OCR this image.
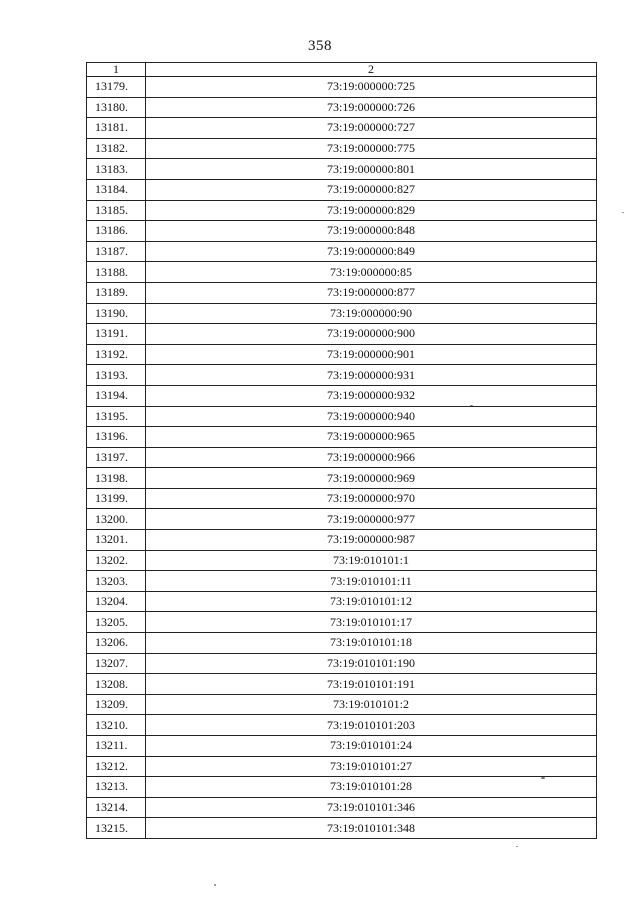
358
1	2
13179.	73:19:000000:725
13180.	73:19:000000:726
13181.	73:19:000000:727
13182.	73:19:000000:775
13183.	73:19:000000:801
13184.	73:19:000000:827
13185.	73:19:000000:829
13186.	73:19:000000:848
13187.	73:19:000000:849
13188.	73:19:000000:85
13189.	73:19:000000:877
13190.	73:19:000000:90
13191.	73:19:000000:900
13192.	73:19:000000:901
13193.	73:19:000000:931
13194.	73:19:000000:932
13195.	73:19:000000:940
13196.	73:19:000000:965
13197.	73:19:000000:966
13198.	73:19:000000:969
13199.	73:19:000000:970
13200.	73:19:000000:977
13201.	73:19:000000:987
13202.	73:19:010101:1
13203.	73:19:010101:11
13204.	73:19:010101:12
13205.	73:19:010101:17
13206.	73:19:010101:18
13207.	73:19:010101:190
13208.	73:19:010101:191
13209.	73:19:010101:2
13210.	73:19:010101:203
13211.	73:19:010101:24
13212.	73:19:010101:27
13213.	73:19:010101:28
13214.	73:19:010101:346
13215.	73:19:010101:348
